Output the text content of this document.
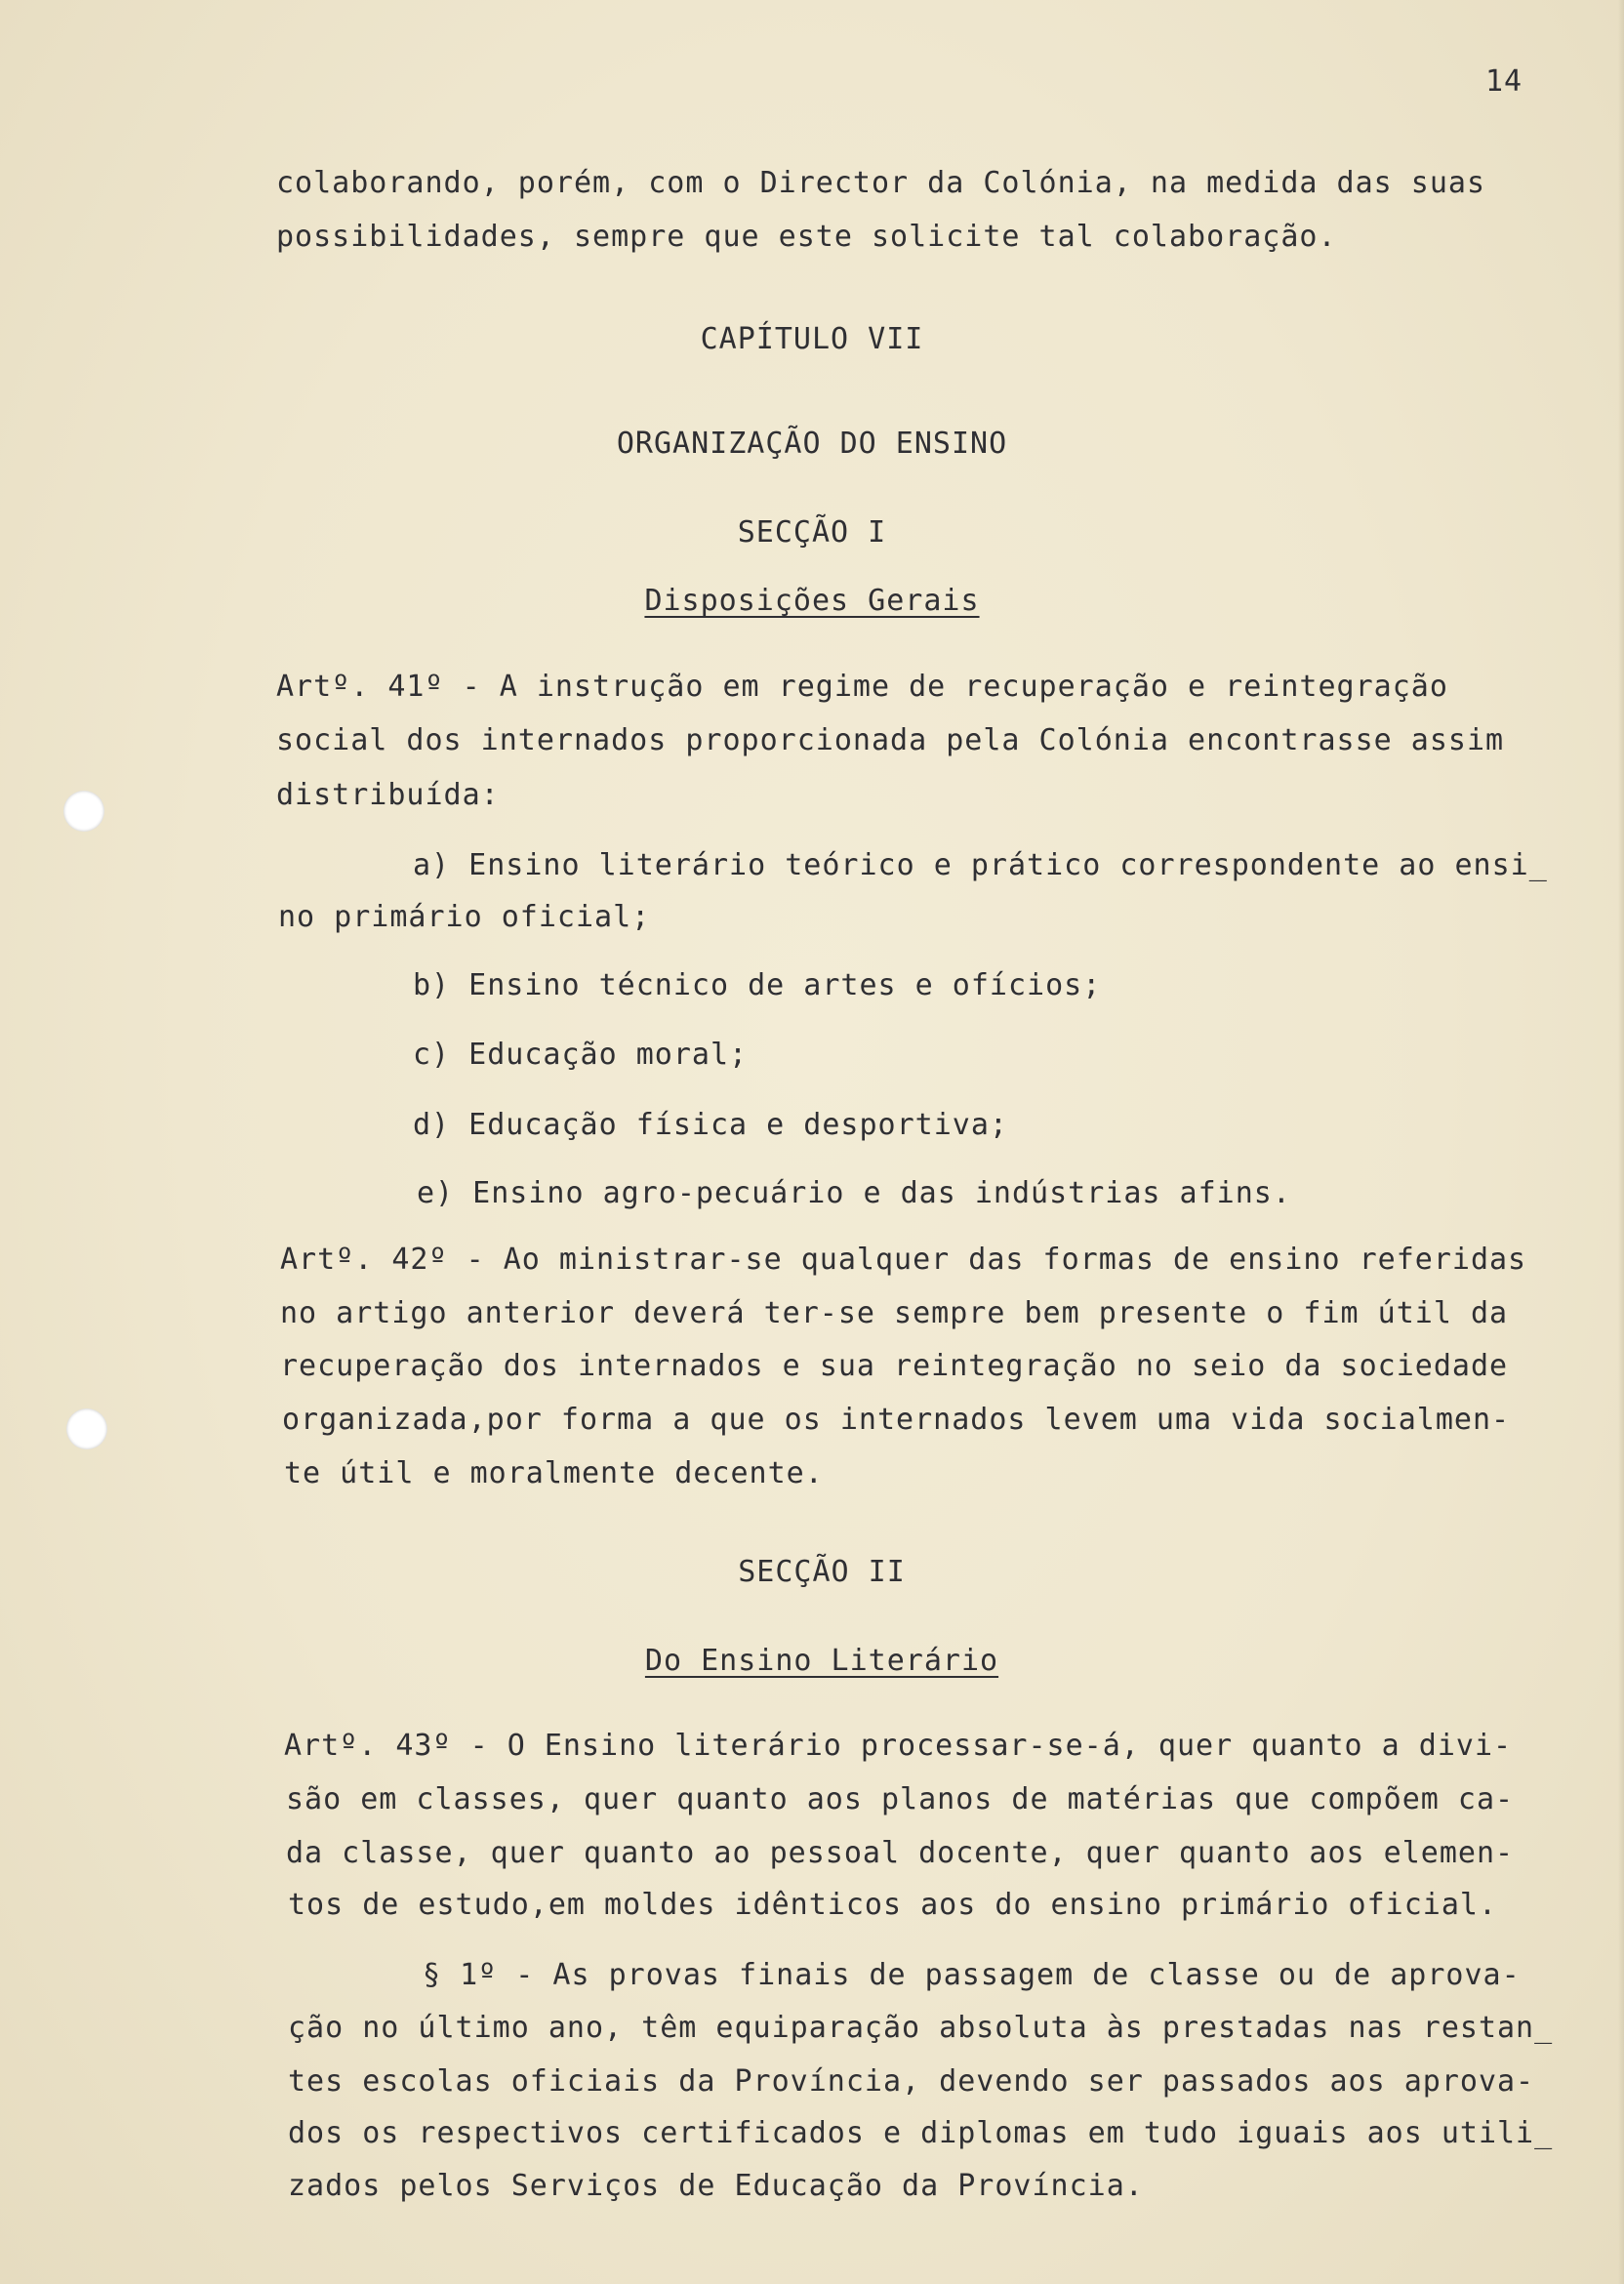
14
colaborando, porém, com o Director da Colónia, na medida das suas
possibilidades, sempre que este solicite tal colaboração.
CAPÍTULO VII
ORGANIZAÇÃO DO ENSINO
SECÇÃO I
Disposições Gerais
Artº. 41º - A instrução em regime de recuperação e reintegração
social dos internados proporcionada pela Colónia encontrasse assim
distribuída:
a) Ensino literário teórico e prático correspondente ao ensi_
no primário oficial;
b) Ensino técnico de artes e ofícios;
c) Educação moral;
d) Educação física e desportiva;
e) Ensino agro-pecuário e das indústrias afins.
Artº. 42º - Ao ministrar-se qualquer das formas de ensino referidas
no artigo anterior deverá ter-se sempre bem presente o fim útil da
recuperação dos internados e sua reintegração no seio da sociedade
organizada,por forma a que os internados levem uma vida socialmen-
te útil e moralmente decente.
SECÇÃO II
Do Ensino Literário
Artº. 43º - O Ensino literário processar-se-á, quer quanto a divi-
são em classes, quer quanto aos planos de matérias que compõem ca-
da classe, quer quanto ao pessoal docente, quer quanto aos elemen-
tos de estudo,em moldes idênticos aos do ensino primário oficial.
§ 1º - As provas finais de passagem de classe ou de aprova-
ção no último ano, têm equiparação absoluta às prestadas nas restan_
tes escolas oficiais da Província, devendo ser passados aos aprova-
dos os respectivos certificados e diplomas em tudo iguais aos utili_
zados pelos Serviços de Educação da Província.
